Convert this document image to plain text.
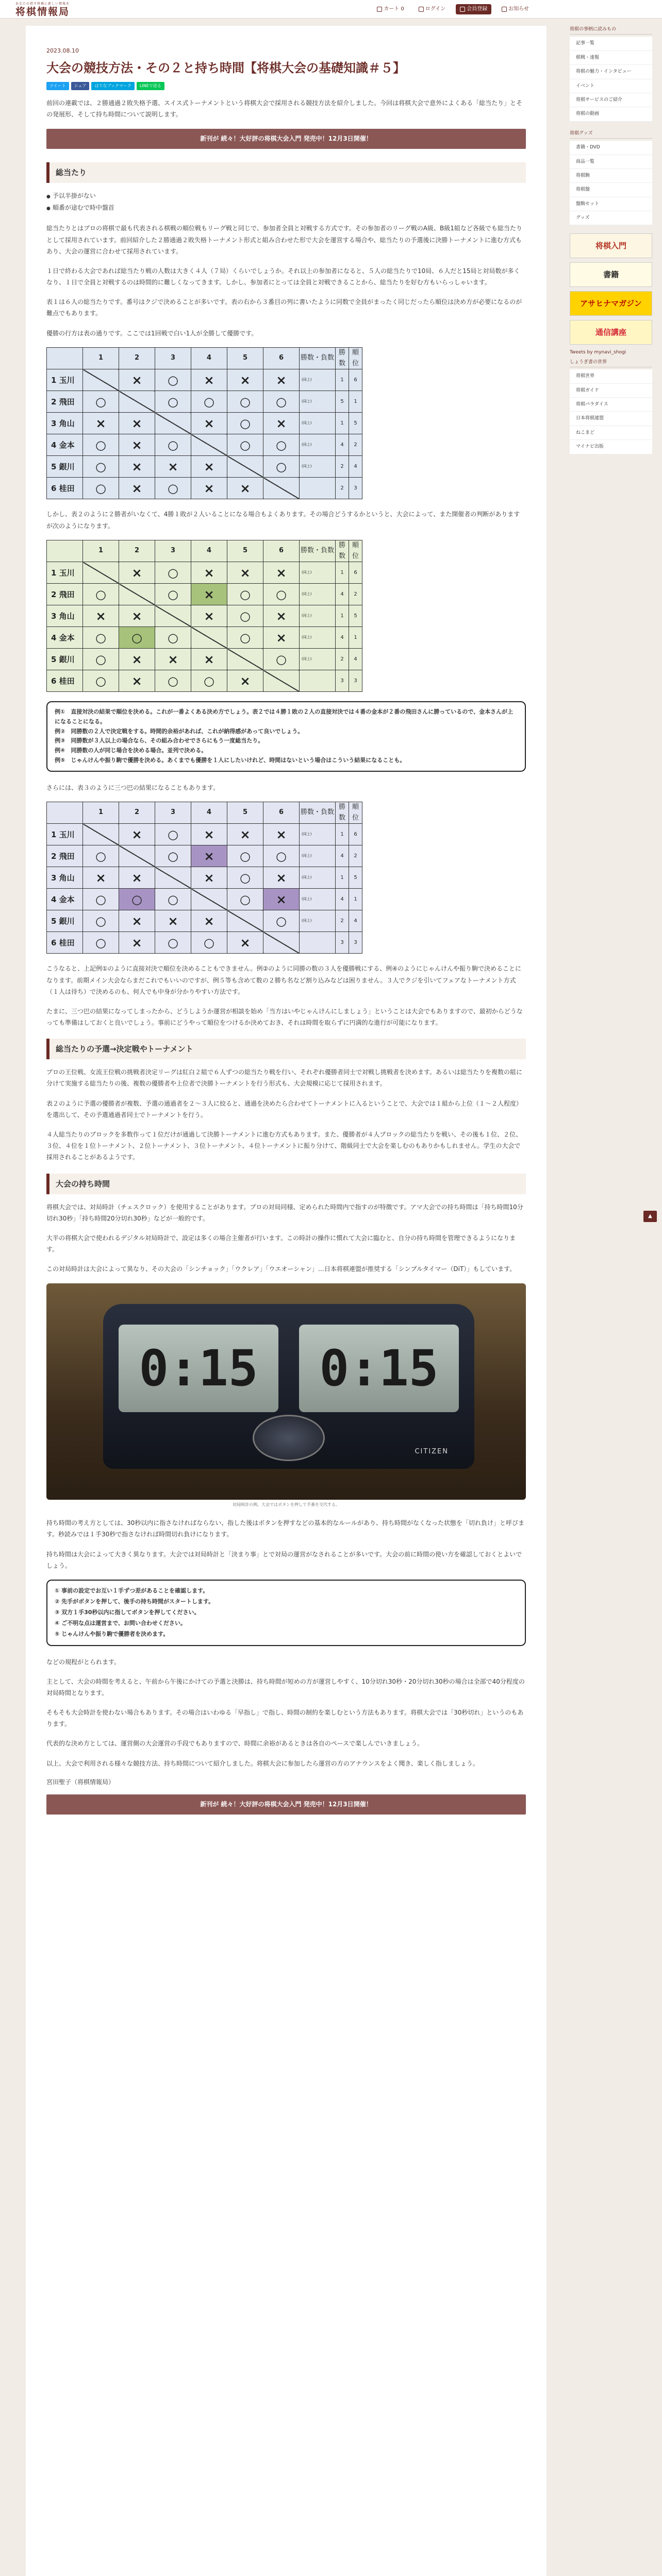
あなたの指す将棋に新しい情報を
将棋情報局	カート 0	ログイン	会員登録	お知らせ
2023.08.10
大会の競技方法・その２と持ち時間【将棋大会の基礎知識＃５】
ツイート	シェア	はてなブックマーク	LINEで送る

前回の連載では、２勝通過２敗失格予選、スイス式トーナメントという将棋大会で採用される競技方法を紹介しました。今回は将棋大会で意外によくある「総当たり」とその発展形、そして持ち時間について説明します。

新刊が 続々！大好評の将棋大会入門 発売中！12月3日開催！
総当たり
● 予以半掛がない
● 順番が途むで時中盤首

総当たりとはプロの将棋で最も代表される棋戦の順位戦もリーグ戦と同じで、参加者全員と対戦する方式です。その参加者のリーグ戦のA級、B級1組など各級でも総当たりとして採用されています。前回紹介した２勝通過２敗失格トーナメント形式と組み合わせた形で大会を運営する場合や、総当たりの予選後に決勝トーナメントに進む方式もあり、大会の運営に合わせて採用されています。

１日で終わる大会であれば総当たり戦の人数は大きく４人（７局）くらいでしょうか。それ以上の参加者になると、５人の総当たりで10局、６人だと15局と対局数が多くなり、１日で全員と対戦するのは時間的に難しくなってきます。しかし、参加者にとっては全員と対戦できることから、総当たりを好む方もいらっしゃいます。

表１は６人の総当たりです。番号はクジで決めることが多いです。表の右から３番目の列に書いたように同数で全員がまったく同じだったら順位は決め方が必要になるのが難点でもあります。

優勝の行方は表の通りです。ここでは1回戦で白い1人が全勝して優勝です。

	1	2	3	4	5	6	勝数・負数	勝数	順位
1 玉川		×	○	×	×	×	(同上)	1	6
2 飛田	○		○	○	○	○	(同上)	5	1
3 角山	×	×		×	○	×	(同上)	1	5
4 金本	○	×	○		○	○	(同上)	4	2
5 銀川	○	×	×	×		○	(同上)	2	4
6 桂田	○	×	○	×	×			2	3

しかし、表２のように２勝者がいなくて、4勝１敗が２人いることになる場合もよくあります。その場合どうするかというと、大会によって、また開催者の判断がありますが次のようになります。

	1	2	3	4	5	6	勝数・負数	勝数	順位
1 玉川		×	○	×	×	×	(同上)	1	6
2 飛田	○		○	×	○	○	(同上)	4	2
3 角山	×	×		×	○	×	(同上)	1	5
4 金本	○	○	○		○	×	(同上)	4	1
5 銀川	○	×	×	×		○	(同上)	2	4
6 桂田	○	×	○	○	×			3	3

例①　直接対決の結果で順位を決める。これが一番よくある決め方でしょう。表２では４勝１敗の２人の直接対決では４番の金本が２番の飛田さんに勝っているので、金本さんが上になることになる。

例②　同勝数の２人で決定戦をする。時間的余裕があれば、これが納得感があって良いでしょう。

例③　同勝数が３人以上の場合なら、その組み合わせでさらにもう一度総当たり。

例④　同勝数の人が同じ場合を決める場合。並列で決める。

例⑤　じゃんけんや振り駒で優勝を決める。あくまでも優勝を１人にしたいけれど、時間はないという場合はこういう結果になることも。

さらには、表３のように三つ巴の結果になることもあります。

	1	2	3	4	5	6	勝数・負数	勝数	順位
1 玉川		×	○	×	×	×	(同上)	1	6
2 飛田	○		○	×	○	○	(同上)	4	2
3 角山	×	×		×	○	×	(同上)	1	5
4 金本	○	○	○		○	×	(同上)	4	1
5 銀川	○	×	×	×		○	(同上)	2	4
6 桂田	○	×	○	○	×			3	3

こうなると、上記例①のように直接対決で順位を決めることもできません。例②のように同勝の数の３人を優勝戦にする、例④のようにじゃんけんや振り駒で決めることになります。前期メイン大会ならまだこれでもいいのですが、例５等も含めて数の２勝ち名など割り込みなどは困りません。３人でクジを引いてフェアなトーナメント方式（１人は待ち）で決めるのも、何人でも中身が分かりやすい方法です。

たまに、三つ巴の結果になってしまったから、どうしようか運営が相談を始め「当方はいやじゃんけんにしましょう」ということは大会でもありますので、最初からどうなっても準備はしておくと良いでしょう。事前にどうやって順位をつけるか決めておき、それは時間を取らずに円満的な進行が可能になります。

総当たりの予選→決定戦やトーナメント

プロの王位戦、女流王位戦の挑戦者決定リーグは紅白２組で６人ずつの総当たり戦を行い、それぞれ優勝者同士で対戦し挑戦者を決めます。あるいは総当たりを複数の組に分けて実施する総当たりの後、複数の優勝者や上位者で決勝トーナメントを行う形式も、大会規模に応じて採用されます。

表２のように予選の優勝者が複数、予選の通過者を２～３人に絞ると、通過を決めたら合わせてトーナメントに入るということで、大会では１組から上位（１～２人程度）を選出して、その予選通過者同士でトーナメントを行う。

４人総当たりのブロックを多数作って１位だけが通過して決勝トーナメントに進む方式もあります。また、優勝者が４人ブロックの総当たりを戦い、その後も１位、２位、３位、４位を１位トーナメント、２位トーナメント、３位トーナメント、４位トーナメントに振り分けて、階級同士で大会を楽しむのもありかもしれません。学生の大会で採用されることがあるようです。

大会の持ち時間

将棋大会では、対局時計（チェスクロック）を使用することがあります。プロの対局同様、定められた時間内で指すのが特徴です。アマ大会での持ち時間は「持ち時間10分切れ30秒」「持ち時間20分切れ30秒」などが一般的です。

大半の将棋大会で使われるデジタル対局時計で、設定は多くの場合主催者が行います。この時計の操作に慣れて大会に臨むと、自分の持ち時間を管理できるようになります。

この対局時計は大会によって異なり、その大会の「シンチョック」「ウクレア」「ウエオーシャン」…日本将棋連盟が推奨する「シンプルタイマー（DiT）」もしています。

0:15	0:15
CITIZEN
対局時計の例。大会ではボタンを押して手番を交代する。

持ち時間の考え方としては、30秒以内に指さなければならない、指した後はボタンを押すなどの基本的なルールがあり、持ち時間がなくなった状態を「切れ負け」と呼びます。秒読みでは１手30秒で指さなければ時間切れ負けになります。

持ち時間は大会によって大きく異なります。大会では対局時計と「決まり事」とで対局の運営がなされることが多いです。大会の前に時間の使い方を確認しておくとよいでしょう。

① 事前の設定でお互い１手ずつ差があることを確認します。

② 先手がボタンを押して、後手の持ち時間がスタートします。

③ 双方１手30秒以内に指してボタンを押してください。

④ ご不明な点は運営まで、お問い合わせください。

⑤ じゃんけんや振り駒で優勝者を決めます。

などの規程がとられます。

主として、大会の時間を考えると、午前から午後にかけての予選と決勝は、持ち時間が短めの方が運営しやすく、10分切れ30秒・20分切れ30秒の場合は全部で40分程度の対局時間となります。

そもそも大会時計を使わない場合もあります。その場合はいわゆる「早指し」で指し、時間の制約を楽しむという方法もあります。将棋大会では「30秒切れ」というのもあります。

代表的な決め方としては、運営側の大会運営の手段でもありますので、時間に余裕があるときは各自のペースで楽しんでいきましょう。

以上、大会で利用される様々な競技方法、持ち時間について紹介しました。将棋大会に参加したら運営の方のアナウンスをよく聞き、楽しく指しましょう。

宮田聖子（将棋情報局）
新刊が 続々！大好評の将棋大会入門 発売中！12月3日開催！
将棋の事柄に読みもの
記事一覧
棋戦・速報
将棋の魅力・インタビュー
イベント
将棋サービスのご紹介
将棋の動画
将棋グッズ
書籍・DVD
商品一覧
将棋駒
将棋盤
盤駒セット
グッズ
将棋入門
書籍
アサヒナマガジン
通信講座
Tweets by mynavi_shogi
しょうぎ書の世界
将棋世界
将棋ガイド
将棋パラダイス
日本将棋連盟
ねこまど
マイナビ出版
▲
